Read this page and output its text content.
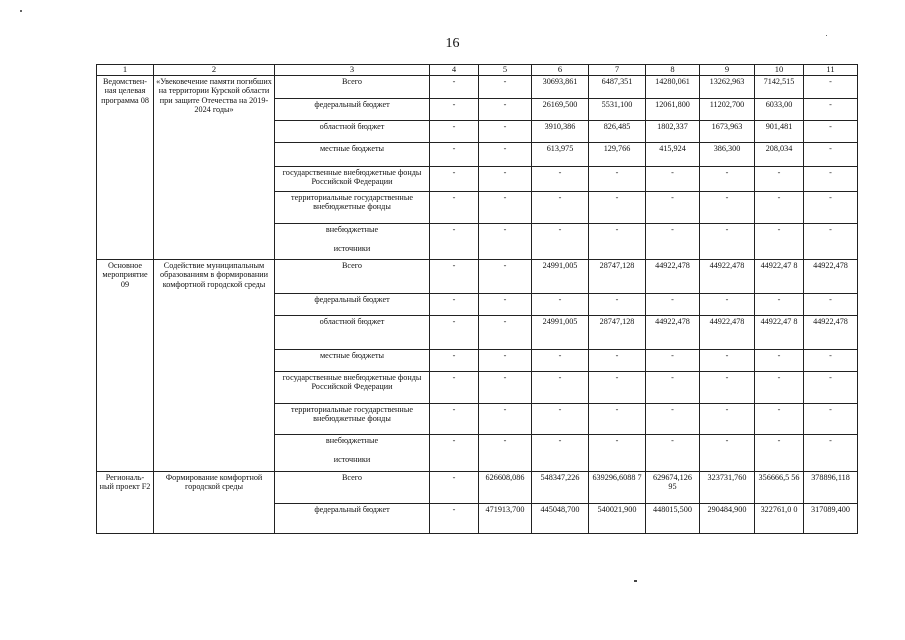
16
1	2	3	4	5	6	7	8	9	10	11
Ведомствен-ная целевая программа 08	«Увековечение памяти погибших на территории Курской области при защите Отечества на 2019-2024 годы»	Всего	-	-	30693,861	6487,351	14280,061	13262,963	7142,515	-
		федеральный бюджет	-	-	26169,500	5531,100	12061,800	11202,700	6033,00	-
		областной бюджет	-	-	3910,386	826,485	1802,337	1673,963	901,481	-
		местные бюджеты	-	-	613,975	129,766	415,924	386,300	208,034	-
		государственные внебюджетные фонды Российской Федерации	-	-	-	-	-	-	-	-
		территориальные государственные внебюджетные фонды	-	-	-	-	-	-	-	-
		внебюджетные

источники	-	-	-	-	-	-	-	-
Основное мероприятие 09	Содействие муниципальным образованиям в формировании комфортной городской среды	Всего	-	-	24991,005	28747,128	44922,478	44922,478	44922,47 8	44922,478
		федеральный бюджет	-	-	-	-	-	-	-	-
		областной бюджет	-	-	24991,005	28747,128	44922,478	44922,478	44922,47 8	44922,478
		местные бюджеты	-	-	-	-	-	-	-	-
		государственные внебюджетные фонды Российской Федерации	-	-	-	-	-	-	-	-
		территориальные государственные внебюджетные фонды	-	-	-	-	-	-	-	-
		внебюджетные

источники	-	-	-	-	-	-	-	-
Региональ-ный проект F2	Формирование комфортной городской среды	Всего	-	626608,086	548347,226	639296,6088 7	629674,126 95	323731,760	356666,5 56	378896,118
		федеральный бюджет	-	471913,700	445048,700	540021,900	448015,500	290484,900	322761,0 0	317089,400
